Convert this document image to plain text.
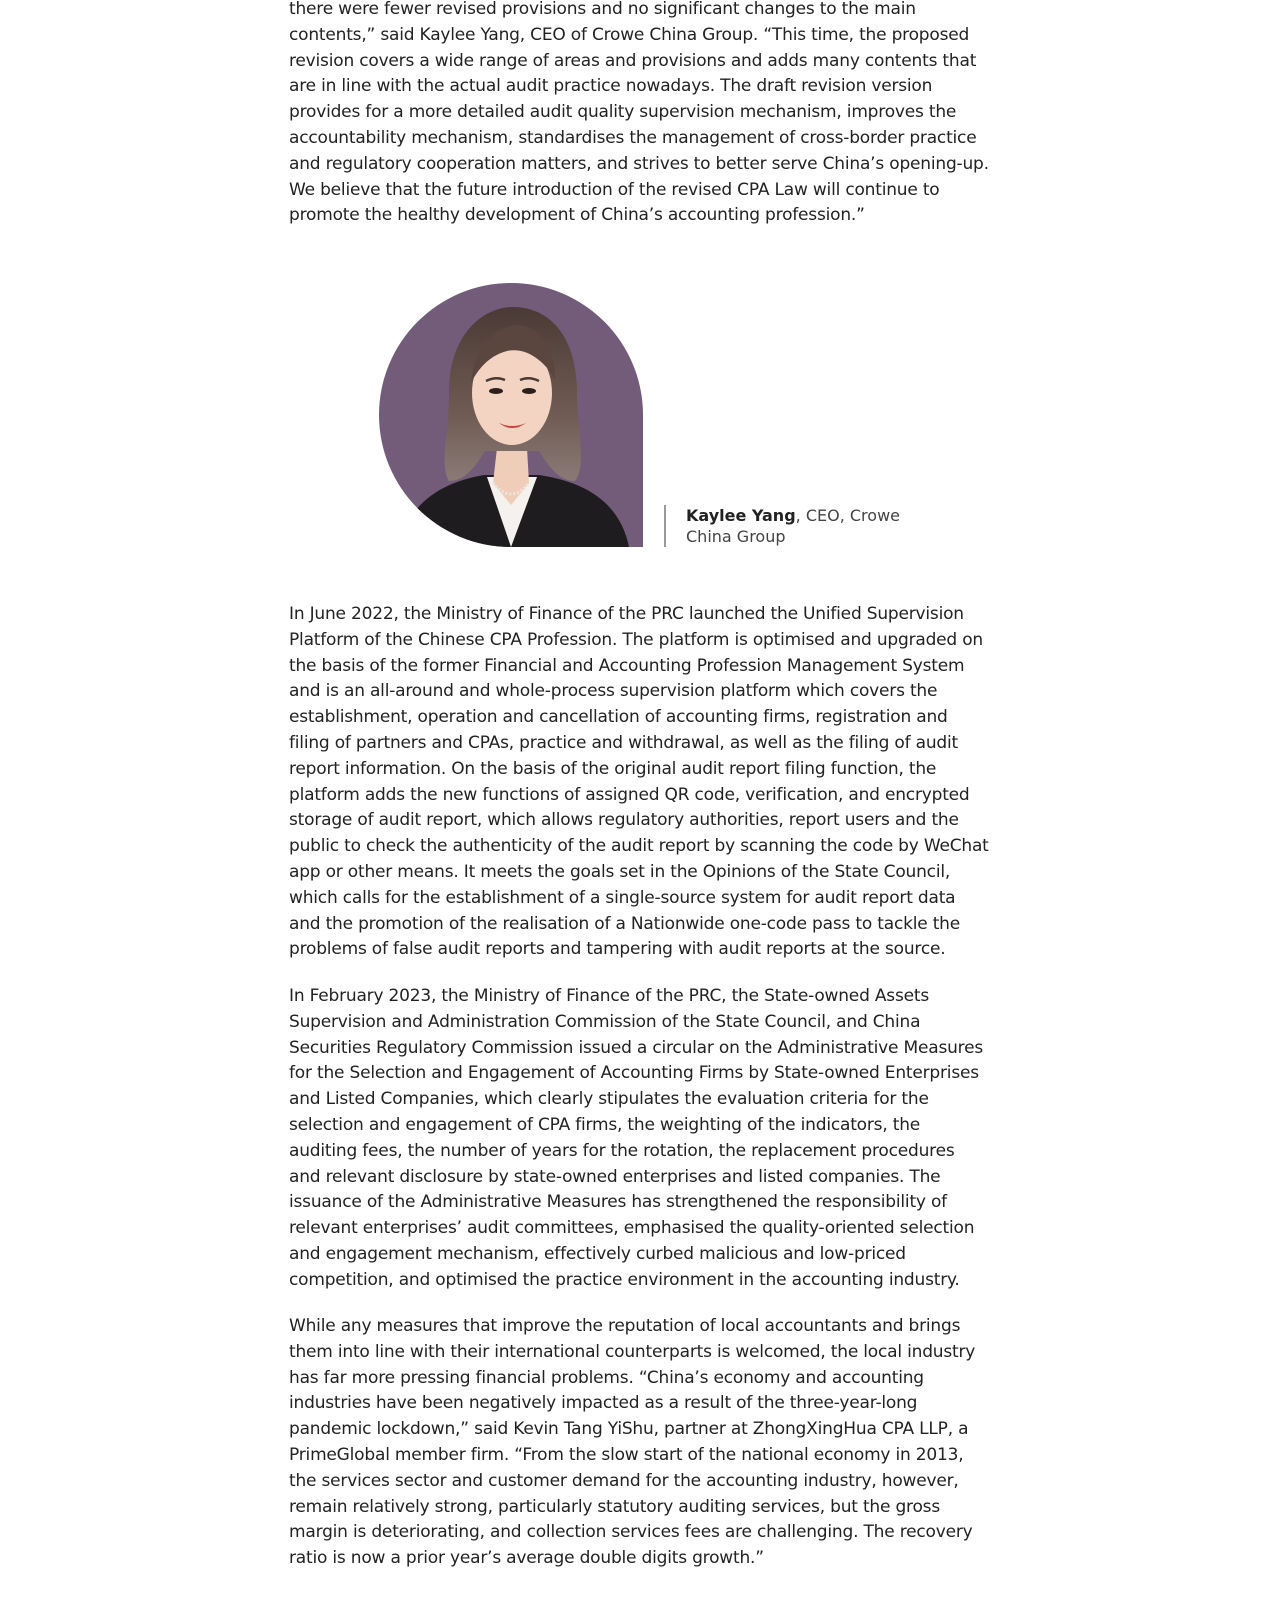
there were fewer revised provisions and no significant changes to the main contents,” said Kaylee Yang, CEO of Crowe China Group. “This time, the proposed revision covers a wide range of areas and provisions and adds many contents that are in line with the actual audit practice nowadays. The draft revision version provides for a more detailed audit quality supervision mechanism, improves the accountability mechanism, standardises the management of cross-border practice and regulatory cooperation matters, and strives to better serve China’s opening-up. We believe that the future introduction of the revised CPA Law will continue to promote the healthy development of China’s accounting profession.”

Kaylee Yang, CEO, Crowe China Group

In June 2022, the Ministry of Finance of the PRC launched the Unified Supervision Platform of the Chinese CPA Profession. The platform is optimised and upgraded on the basis of the former Financial and Accounting Profession Management System and is an all-around and whole-process supervision platform which covers the establishment, operation and cancellation of accounting firms, registration and filing of partners and CPAs, practice and withdrawal, as well as the filing of audit report information. On the basis of the original audit report filing function, the platform adds the new functions of assigned QR code, verification, and encrypted storage of audit report, which allows regulatory authorities, report users and the public to check the authenticity of the audit report by scanning the code by WeChat app or other means. It meets the goals set in the Opinions of the State Council, which calls for the establishment of a single-source system for audit report data and the promotion of the realisation of a Nationwide one-code pass to tackle the problems of false audit reports and tampering with audit reports at the source.

In February 2023, the Ministry of Finance of the PRC, the State-owned Assets Supervision and Administration Commission of the State Council, and China Securities Regulatory Commission issued a circular on the Administrative Measures for the Selection and Engagement of Accounting Firms by State-owned Enterprises and Listed Companies, which clearly stipulates the evaluation criteria for the selection and engagement of CPA firms, the weighting of the indicators, the auditing fees, the number of years for the rotation, the replacement procedures and relevant disclosure by state-owned enterprises and listed companies. The issuance of the Administrative Measures has strengthened the responsibility of relevant enterprises’ audit committees, emphasised the quality-oriented selection and engagement mechanism, effectively curbed malicious and low-priced competition, and optimised the practice environment in the accounting industry.

While any measures that improve the reputation of local accountants and brings them into line with their international counterparts is welcomed, the local industry has far more pressing financial problems. “China’s economy and accounting industries have been negatively impacted as a result of the three-year-long pandemic lockdown,” said Kevin Tang YiShu, partner at ZhongXingHua CPA LLP, a PrimeGlobal member firm. “From the slow start of the national economy in 2013, the services sector and customer demand for the accounting industry, however, remain relatively strong, particularly statutory auditing services, but the gross margin is deteriorating, and collection services fees are challenging. The recovery ratio is now a prior year’s average double digits growth.”
